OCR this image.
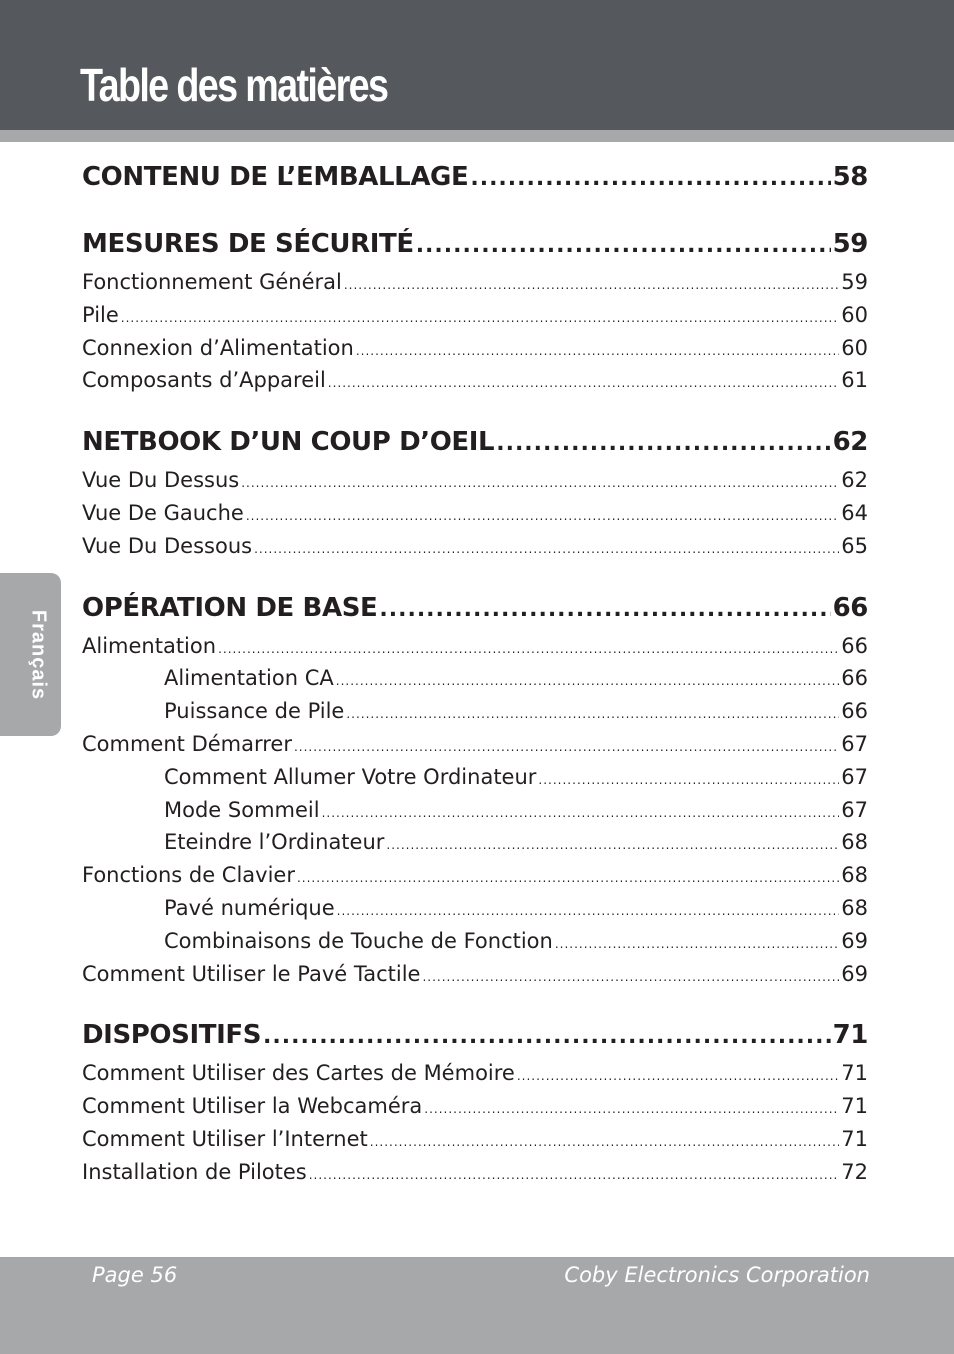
Table des matières
Français
CONTENU DE L’EMBALLAGE .....	58
MESURES DE SÉCURITÉ .....	59
Fonctionnement Général .....	59
Pile .....	60
Connexion d’Alimentation .....	60
Composants d’Appareil .....	61
NETBOOK D’UN COUP D’OEIL .....	62
Vue Du Dessus .....	62
Vue De Gauche .....	64
Vue Du Dessous .....	65
OPÉRATION DE BASE .....	66
Alimentation .....	66
Alimentation CA .....	66
Puissance de Pile .....	66
Comment Démarrer .....	67
Comment Allumer Votre Ordinateur .....	67
Mode Sommeil .....	67
Eteindre l’Ordinateur .....	68
Fonctions de Clavier .....	68
Pavé numérique .....	68
Combinaisons de Touche de Fonction .....	69
Comment Utiliser le Pavé Tactile .....	69
DISPOSITIFS .....	71
Comment Utiliser des Cartes de Mémoire .....	71
Comment Utiliser la Webcaméra .....	71
Comment Utiliser l’Internet .....	71
Installation de Pilotes .....	72
Page 56	Coby Electronics Corporation
